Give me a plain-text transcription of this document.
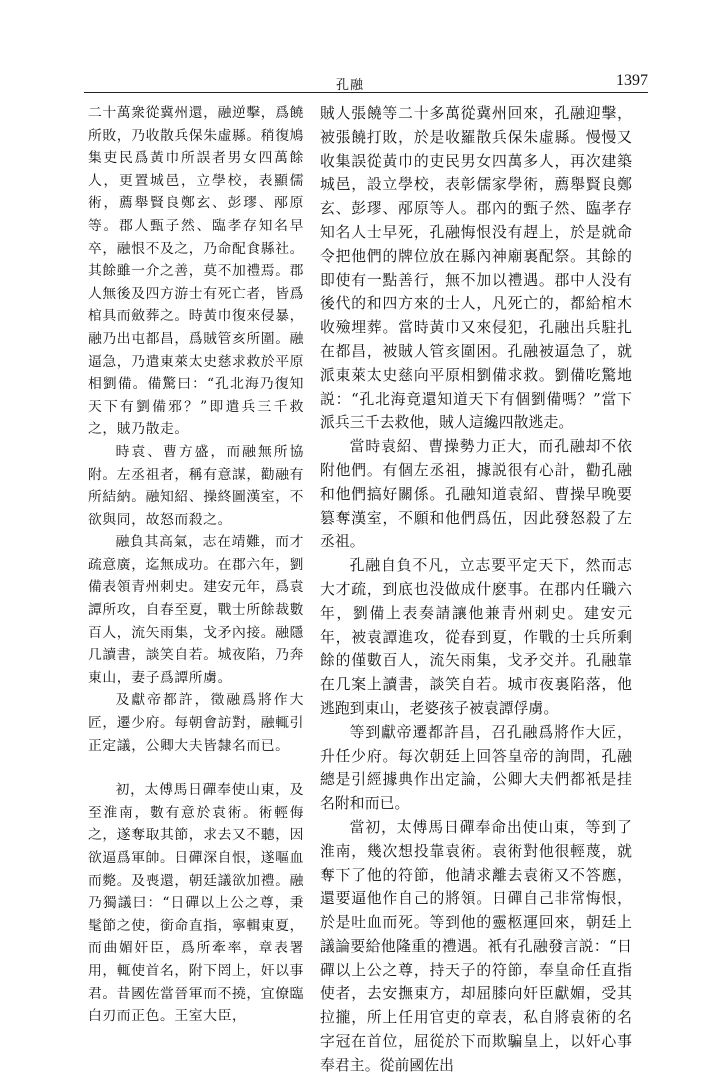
孔融	1397

二十萬衆從冀州還，融逆擊，爲饒所敗，乃收散兵保朱虛縣。稍復鳩集吏民爲黃巾所誤者男女四萬餘人，更置城邑，立學校，表顯儒術，薦舉賢良鄭玄、彭璆、邴原等。郡人甄子然、臨孝存知名早卒，融恨不及之，乃命配食縣社。其餘雖一介之善，莫不加禮焉。郡人無後及四方游士有死亡者，皆爲棺具而斂葬之。時黃巾復來侵暴，融乃出屯都昌，爲賊管亥所圍。融逼急，乃遣東萊太史慈求救於平原相劉備。備驚曰：“孔北海乃復知天下有劉備邪？”即遣兵三千救之，賊乃散走。

時袁、曹方盛，而融無所協附。左丞祖者，稱有意謀，勸融有所結納。融知紹、操終圖漢室，不欲與同，故怒而殺之。

融負其高氣，志在靖難，而才疏意廣，迄無成功。在郡六年，劉備表領青州刺史。建安元年，爲袁譚所攻，自春至夏，戰士所餘裁數百人，流矢雨集，戈矛內接。融隱几讀書，談笑自若。城夜陷，乃奔東山，妻子爲譚所虜。

及獻帝都許，徵融爲將作大匠，遷少府。每朝會訪對，融輒引正定議，公卿大夫皆隸名而已。

初，太傅馬日磾奉使山東，及至淮南，數有意於袁術。術輕侮之，遂奪取其節，求去又不聽，因欲逼爲軍帥。日磾深自恨，遂嘔血而斃。及喪還，朝廷議欲加禮。融乃獨議曰：“日磾以上公之尊，秉髦節之使，銜命直指，寧輯東夏，而曲媚奸臣，爲所牽率，章表署用，輒使首名，附下罔上，奸以事君。昔國佐當晉軍而不撓，宜僚臨白刃而正色。王室大臣，

賊人張饒等二十多萬從冀州回來，孔融迎擊，被張饒打敗，於是收羅散兵保朱虛縣。慢慢又收集誤從黃巾的吏民男女四萬多人，再次建築城邑，設立學校，表彰儒家學術，薦舉賢良鄭玄、彭璆、邴原等人。郡內的甄子然、臨孝存知名人士早死，孔融悔恨没有趕上，於是就命令把他們的牌位放在縣內神廟裏配祭。其餘的即使有一點善行，無不加以禮遇。郡中人没有後代的和四方來的士人，凡死亡的，都給棺木收殮埋葬。當時黃巾又來侵犯，孔融出兵駐扎在都昌，被賊人管亥圍困。孔融被逼急了，就派東萊太史慈向平原相劉備求救。劉備吃驚地説：“孔北海竟還知道天下有個劉備嗎？”當下派兵三千去救他，賊人這纔四散逃走。

當時袁紹、曹操勢力正大，而孔融却不依附他們。有個左丞祖，據説很有心計，勸孔融和他們搞好關係。孔融知道袁紹、曹操早晚要篡奪漢室，不願和他們爲伍，因此發怒殺了左丞祖。

孔融自負不凡，立志要平定天下，然而志大才疏，到底也没做成什麽事。在郡内任職六年，劉備上表奏請讓他兼青州刺史。建安元年，被袁譚進攻，從春到夏，作戰的士兵所剩餘的僅數百人，流矢雨集，戈矛交并。孔融靠在几案上讀書，談笑自若。城市夜裏陷落，他逃跑到東山，老婆孩子被袁譚俘虜。

等到獻帝遷都許昌，召孔融爲將作大匠，升任少府。每次朝廷上回答皇帝的詢問，孔融總是引經據典作出定論，公卿大夫們都衹是挂名附和而已。

當初，太傅馬日磾奉命出使山東，等到了淮南，幾次想投靠袁術。袁術對他很輕蔑，就奪下了他的符節，他請求離去袁術又不答應，還要逼他作自己的將領。日磾自己非常悔恨，於是吐血而死。等到他的靈柩運回來，朝廷上議論要給他隆重的禮遇。衹有孔融發言説：“日磾以上公之尊，持天子的符節，奉皇命任直指使者，去安撫東方，却屈膝向奸臣獻媚，受其拉攏，所上任用官吏的章表，私自將袁術的名字冠在首位，屈從於下而欺騙皇上，以奸心事奉君主。從前國佐出
